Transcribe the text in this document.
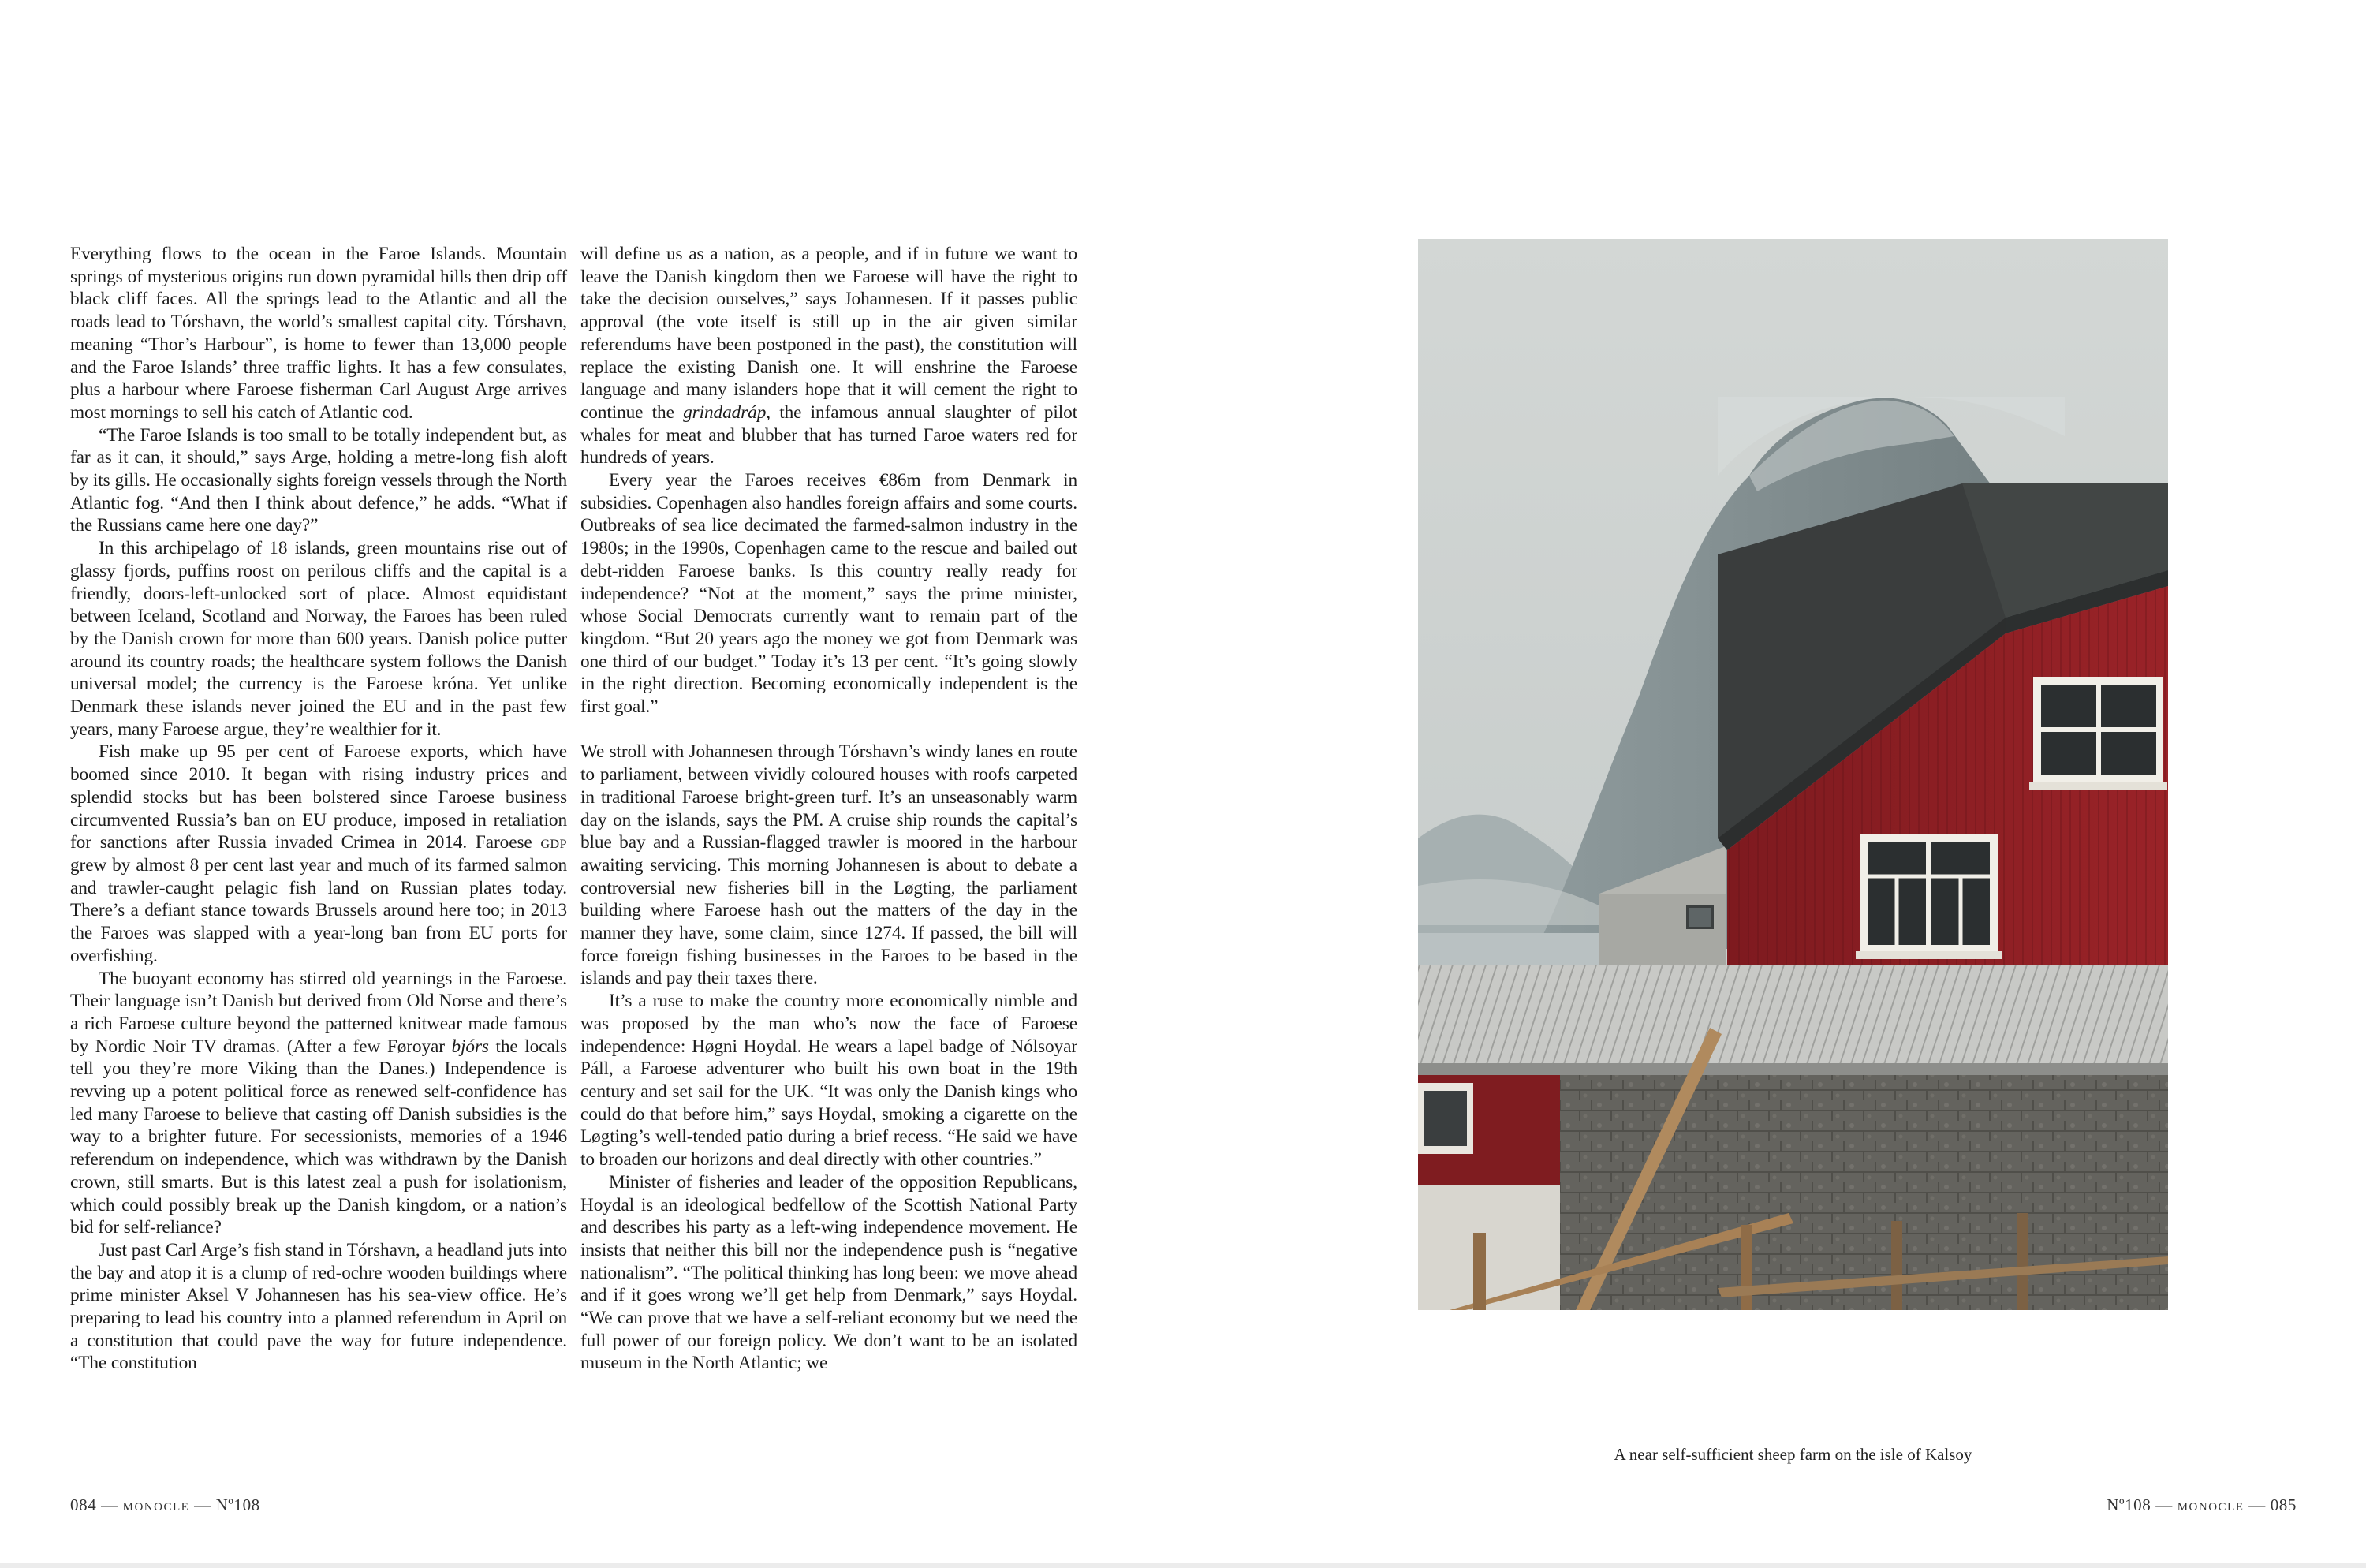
Everything flows to the ocean in the Faroe Islands. Mountain springs of mysterious origins run down pyramidal hills then drip off black cliff faces. All the springs lead to the Atlantic and all the roads lead to Tórshavn, the world’s smallest capital city. Tórshavn, meaning “Thor’s Harbour”, is home to fewer than 13,000 people and the Faroe Islands’ three traffic lights. It has a few consulates, plus a harbour where Faroese fisherman Carl August Arge arrives most mornings to sell his catch of Atlantic cod.

“The Faroe Islands is too small to be totally independent but, as far as it can, it should,” says Arge, holding a metre-long fish aloft by its gills. He occasionally sights foreign vessels through the North Atlantic fog. “And then I think about defence,” he adds. “What if the Russians came here one day?”

In this archipelago of 18 islands, green mountains rise out of glassy fjords, puffins roost on perilous cliffs and the capital is a friendly, doors-left-unlocked sort of place. Almost equidistant between Iceland, Scotland and Norway, the Faroes has been ruled by the Danish crown for more than 600 years. Danish police putter around its country roads; the healthcare system follows the Danish universal model; the currency is the Faroese króna. Yet unlike Denmark these islands never joined the EU and in the past few years, many Faroese argue, they’re wealthier for it.

Fish make up 95 per cent of Faroese exports, which have boomed since 2010. It began with rising industry prices and splendid stocks but has been bolstered since Faroese business circumvented Russia’s ban on EU produce, imposed in retaliation for sanctions after Russia invaded Crimea in 2014. Faroese gdp grew by almost 8 per cent last year and much of its farmed salmon and trawler-caught pelagic fish land on Russian plates today. There’s a defiant stance towards Brussels around here too; in 2013 the Faroes was slapped with a year-long ban from EU ports for overfishing.

The buoyant economy has stirred old yearnings in the Faroese. Their language isn’t Danish but derived from Old Norse and there’s a rich Faroese culture beyond the patterned knitwear made famous by Nordic Noir TV dramas. (After a few Føroyar bjórs the locals tell you they’re more Viking than the Danes.) Independence is revving up a potent political force as renewed self-confidence has led many Faroese to believe that casting off Danish subsidies is the way to a brighter future. For secessionists, memories of a 1946 referendum on independence, which was withdrawn by the Danish crown, still smarts. But is this latest zeal a push for isolationism, which could possibly break up the Danish kingdom, or a nation’s bid for self-reliance?

Just past Carl Arge’s fish stand in Tórshavn, a headland juts into the bay and atop it is a clump of red-ochre wooden buildings where prime minister Aksel V Johannesen has his sea-view office. He’s preparing to lead his country into a planned referendum in April on a constitution that could pave the way for future independence. “The constitution

will define us as a nation, as a people, and if in future we want to leave the Danish kingdom then we Faroese will have the right to take the decision ourselves,” says Johannesen. If it passes public approval (the vote itself is still up in the air given similar referendums have been postponed in the past), the constitution will replace the existing Danish one. It will enshrine the Faroese language and many islanders hope that it will cement the right to continue the grindadráp, the infamous annual slaughter of pilot whales for meat and blubber that has turned Faroe waters red for hundreds of years.

Every year the Faroes receives €86m from Denmark in subsidies. Copenhagen also handles foreign affairs and some courts. Outbreaks of sea lice decimated the farmed-salmon industry in the 1980s; in the 1990s, Copenhagen came to the rescue and bailed out debt-ridden Faroese banks. Is this country really ready for independence? “Not at the moment,” says the prime minister, whose Social Democrats currently want to remain part of the kingdom. “But 20 years ago the money we got from Denmark was one third of our budget.” Today it’s 13 per cent. “It’s going slowly in the right direction. Becoming economically independent is the first goal.”

We stroll with Johannesen through Tórshavn’s windy lanes en route to parliament, between vividly coloured houses with roofs carpeted in traditional Faroese bright-green turf. It’s an unseasonably warm day on the islands, says the PM. A cruise ship rounds the capital’s blue bay and a Russian-flagged trawler is moored in the harbour awaiting servicing. This morning Johannesen is about to debate a controversial new fisheries bill in the Løgting, the parliament building where Faroese hash out the matters of the day in the manner they have, some claim, since 1274. If passed, the bill will force foreign fishing businesses in the Faroes to be based in the islands and pay their taxes there.

It’s a ruse to make the country more economically nimble and was proposed by the man who’s now the face of Faroese independence: Høgni Hoydal. He wears a lapel badge of Nólsoyar Páll, a Faroese adventurer who built his own boat in the 19th century and set sail for the UK. “It was only the Danish kings who could do that before him,” says Hoydal, smoking a cigarette on the Løgting’s well-tended patio during a brief recess. “He said we have to broaden our horizons and deal directly with other countries.”

Minister of fisheries and leader of the opposition Republicans, Hoydal is an ideological bedfellow of the Scottish National Party and describes his party as a left-wing independence movement. He insists that neither this bill nor the independence push is “negative nationalism”. “The political thinking has long been: we move ahead and if it goes wrong we’ll get help from Denmark,” says Hoydal. “We can prove that we have a self-reliant economy but we need the full power of our foreign policy. We don’t want to be an isolated museum in the North Atlantic; we

084 — monocle — Nº108
A near self-sufficient sheep farm on the isle of Kalsoy
Nº108 — monocle — 085
